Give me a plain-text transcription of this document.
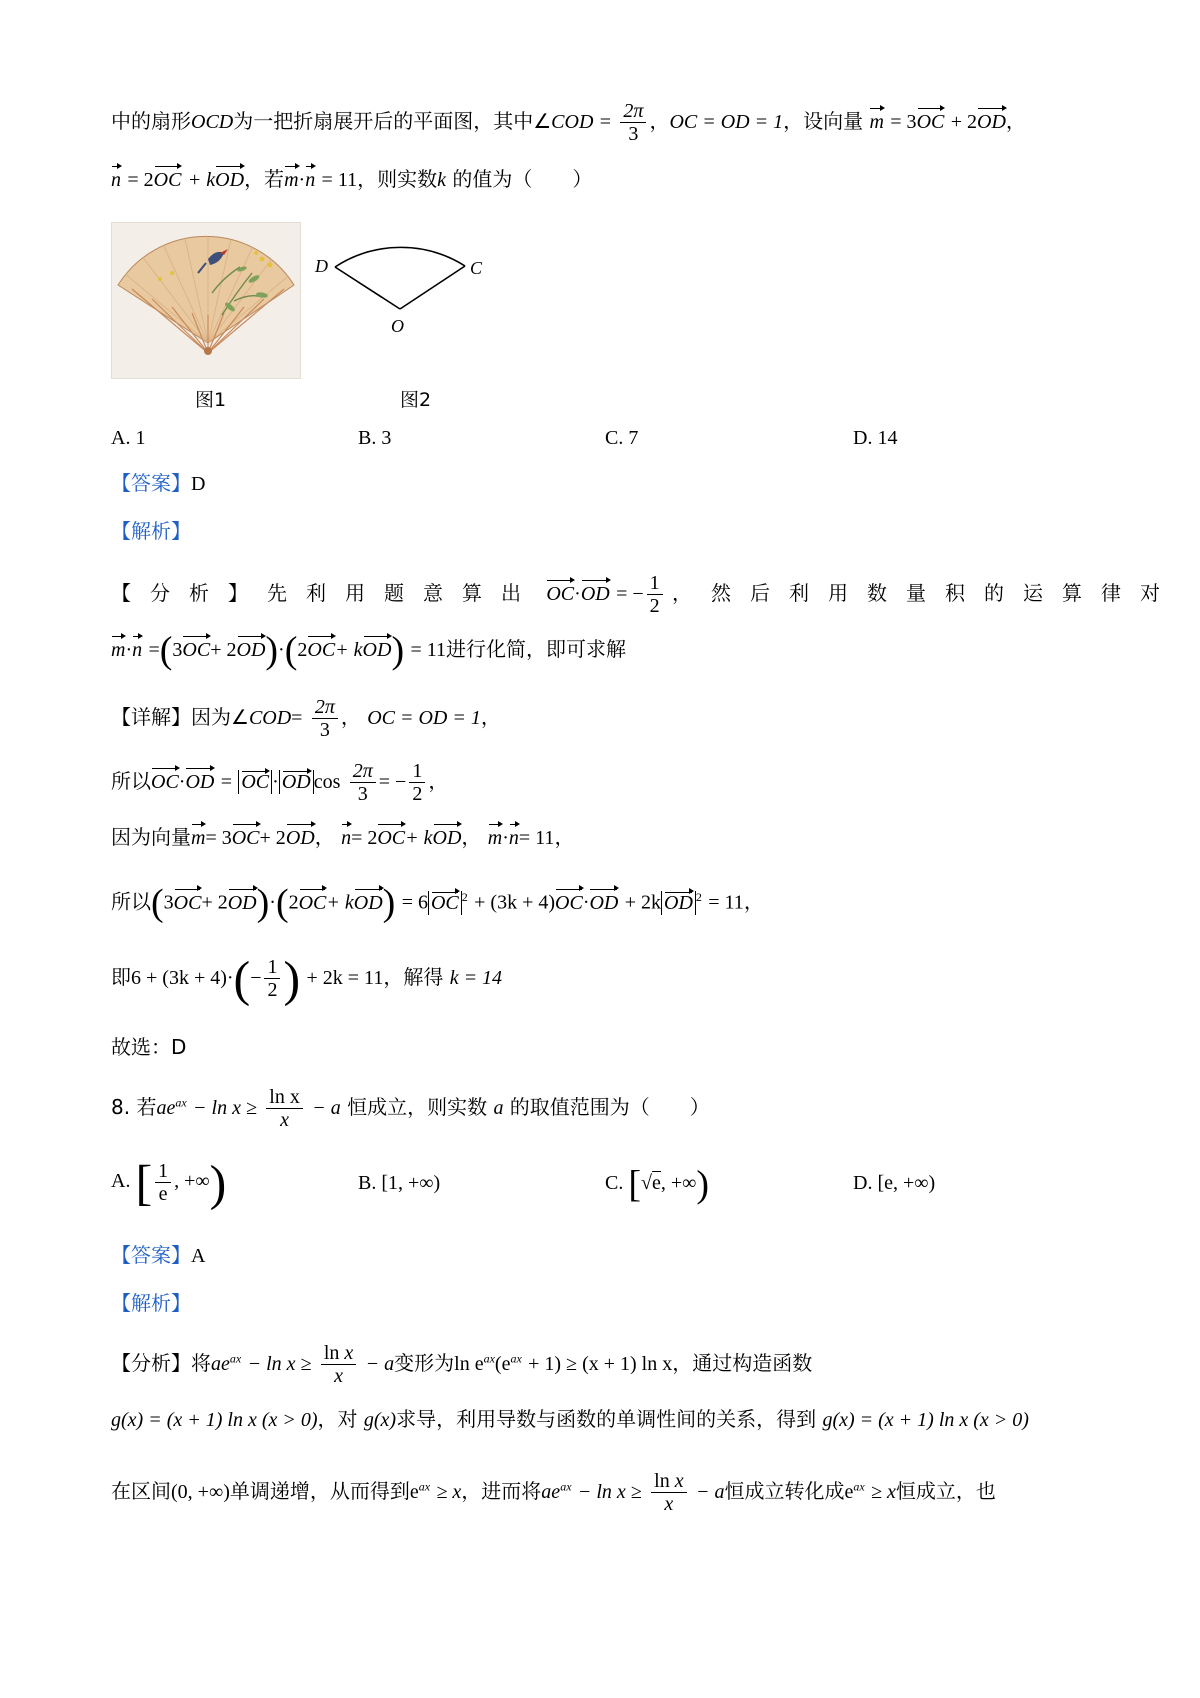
中的扇形OCD为一把折扇展开后的平面图，其中∠COD = $\frac{2\pi}{3}$ ，OC = OD = 1，设向量 m = 3OC + 2OD，
n = 2OC + kOD，若m·n = 11，则实数k 的值为（　　）
D	C
O
图1	图2
A. 1	B. 3	C. 7	D. 14
【答案】D
【解析】
【分析】先利用题意算出 OC·OD = − $\frac{1}{2}$ ，然后利用数量积的运算律对
m·n =(3OC+ 2OD)·(2OC+ kOD) = 11进行化简，即可求解
【详解】因为∠COD= $\frac{2\pi}{3}$ ， OC = OD = 1，
所以OC·OD = OC · OD $\cos \frac{2\pi}{3}$ = − $\frac{1}{2}$ ，
因为向量m= 3OC+ 2OD， n= 2OC+ kOD， m·n= 11，
所以(3OC+ 2OD)·(2OC+ kOD) = 6 OC $^2$ + (3k + 4)OC·OD + 2k OD $^2$ = 11，
即$6 + (3k + 4)\cdot(- \frac{1}{2}$ ) + 2k = 11，解得 k = 14
故选：D
8. 若$ae^{ax} - \ln x \ge \frac{\text{ln x}}{x} - a$ 恒成立，则实数 a 的取值范围为（　　）
A. [ $\frac{1}{e}$ , +∞)	B. [1, +∞)	C. [√e, +∞)	D. [e, +∞)
【答案】A
【解析】
【分析】将$ae^{ax} - \ln x \ge \frac{\text{ln x}}{x} - a$变形为$\ln e^{ax}(e^{ax} + 1) \ge (x + 1)$ ln x，通过构造函数
g(x) = (x + 1) ln x (x > 0)，对 g(x)求导，利用导数与函数的单调性间的关系，得到 g(x) = (x + 1) ln x (x > 0)
在区间(0, +∞)单调递增，从而得到$e^{ax} \ge x$，进而将$ae^{ax} - \ln x \ge \frac{\text{ln x}}{x} - a$恒成立转化成$e^{ax} \ge x$恒成立，也
